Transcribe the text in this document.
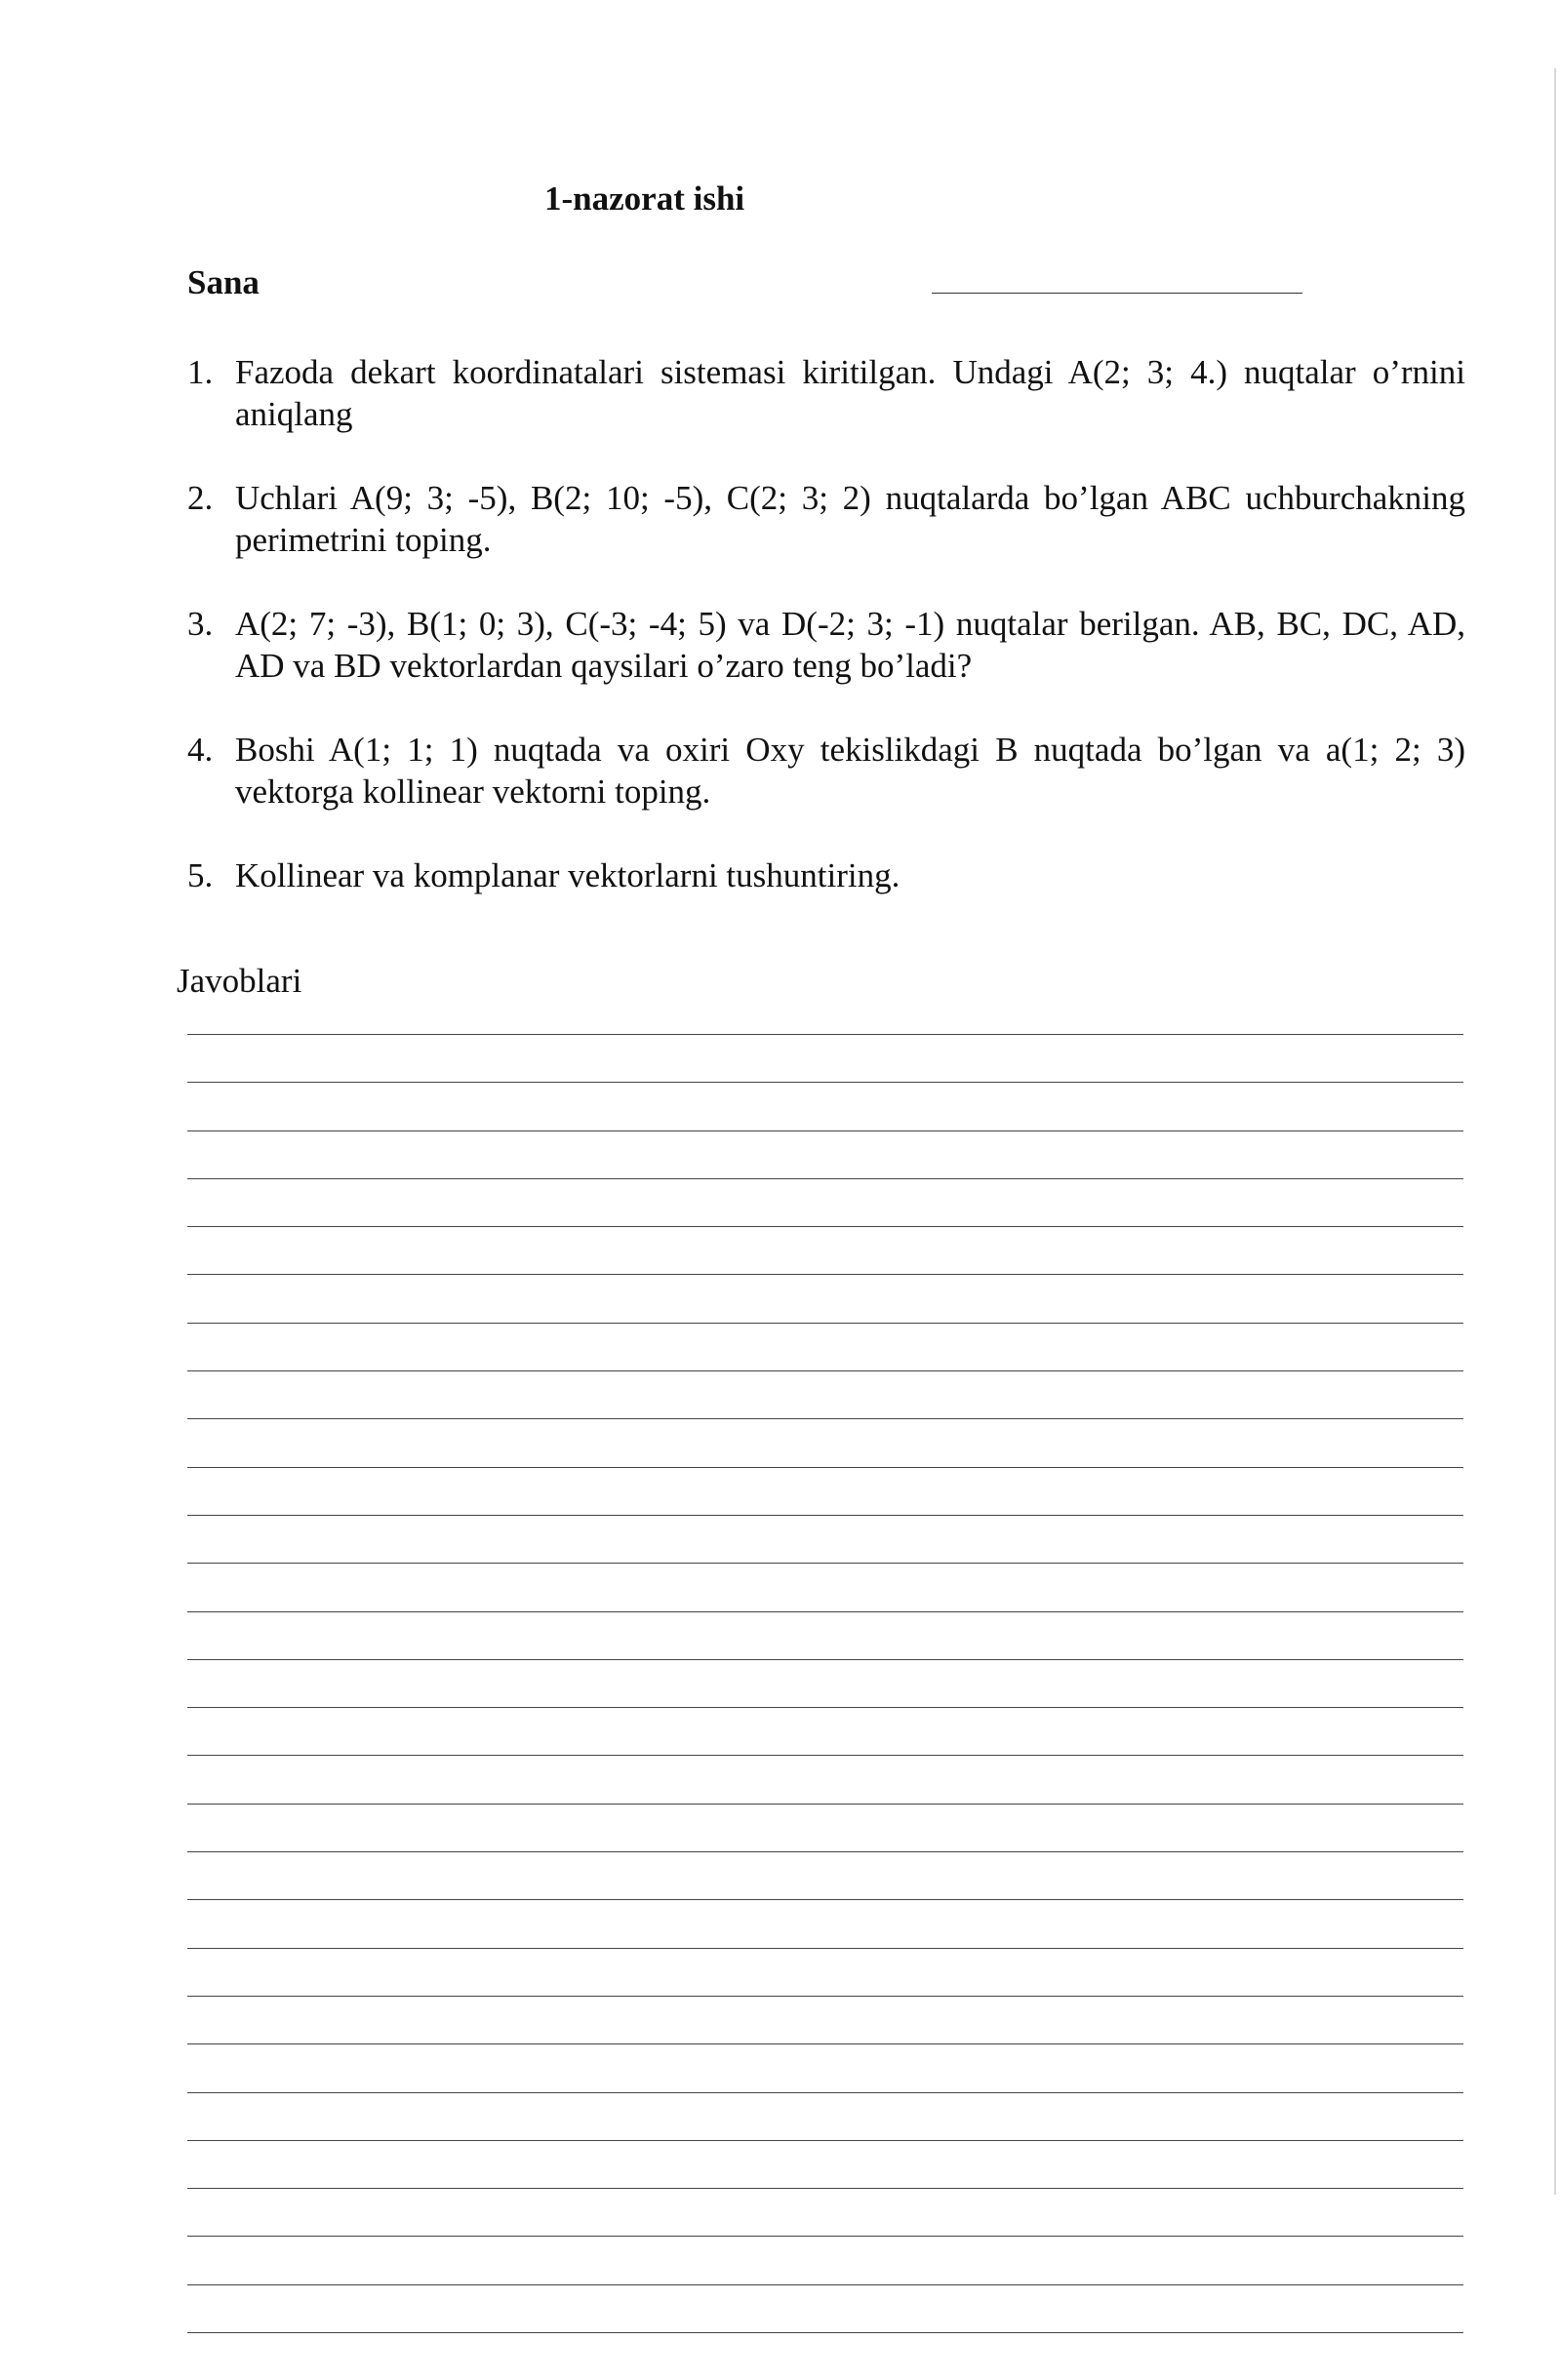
1-nazorat ishi
Sana
1. Fazoda dekart koordinatalari sistemasi kiritilgan. Undagi A(2; 3; 4.) nuqtalar o’rnini aniqlang
2. Uchlari A(9; 3; -5), B(2; 10; -5), C(2; 3; 2) nuqtalarda bo’lgan ABC uchburchakning perimetrini toping.
3. A(2; 7; -3), B(1; 0; 3), C(-3; -4; 5) va D(-2; 3; -1) nuqtalar berilgan. AB, BC, DC, AD, AD va BD vektorlardan qaysilari o’zaro teng bo’ladi?
4. Boshi A(1; 1; 1) nuqtada va oxiri Oxy tekislikdagi B nuqtada bo’lgan va a(1; 2; 3) vektorga kollinear vektorni toping.
5. Kollinear va komplanar vektorlarni tushuntiring.
Javoblari
